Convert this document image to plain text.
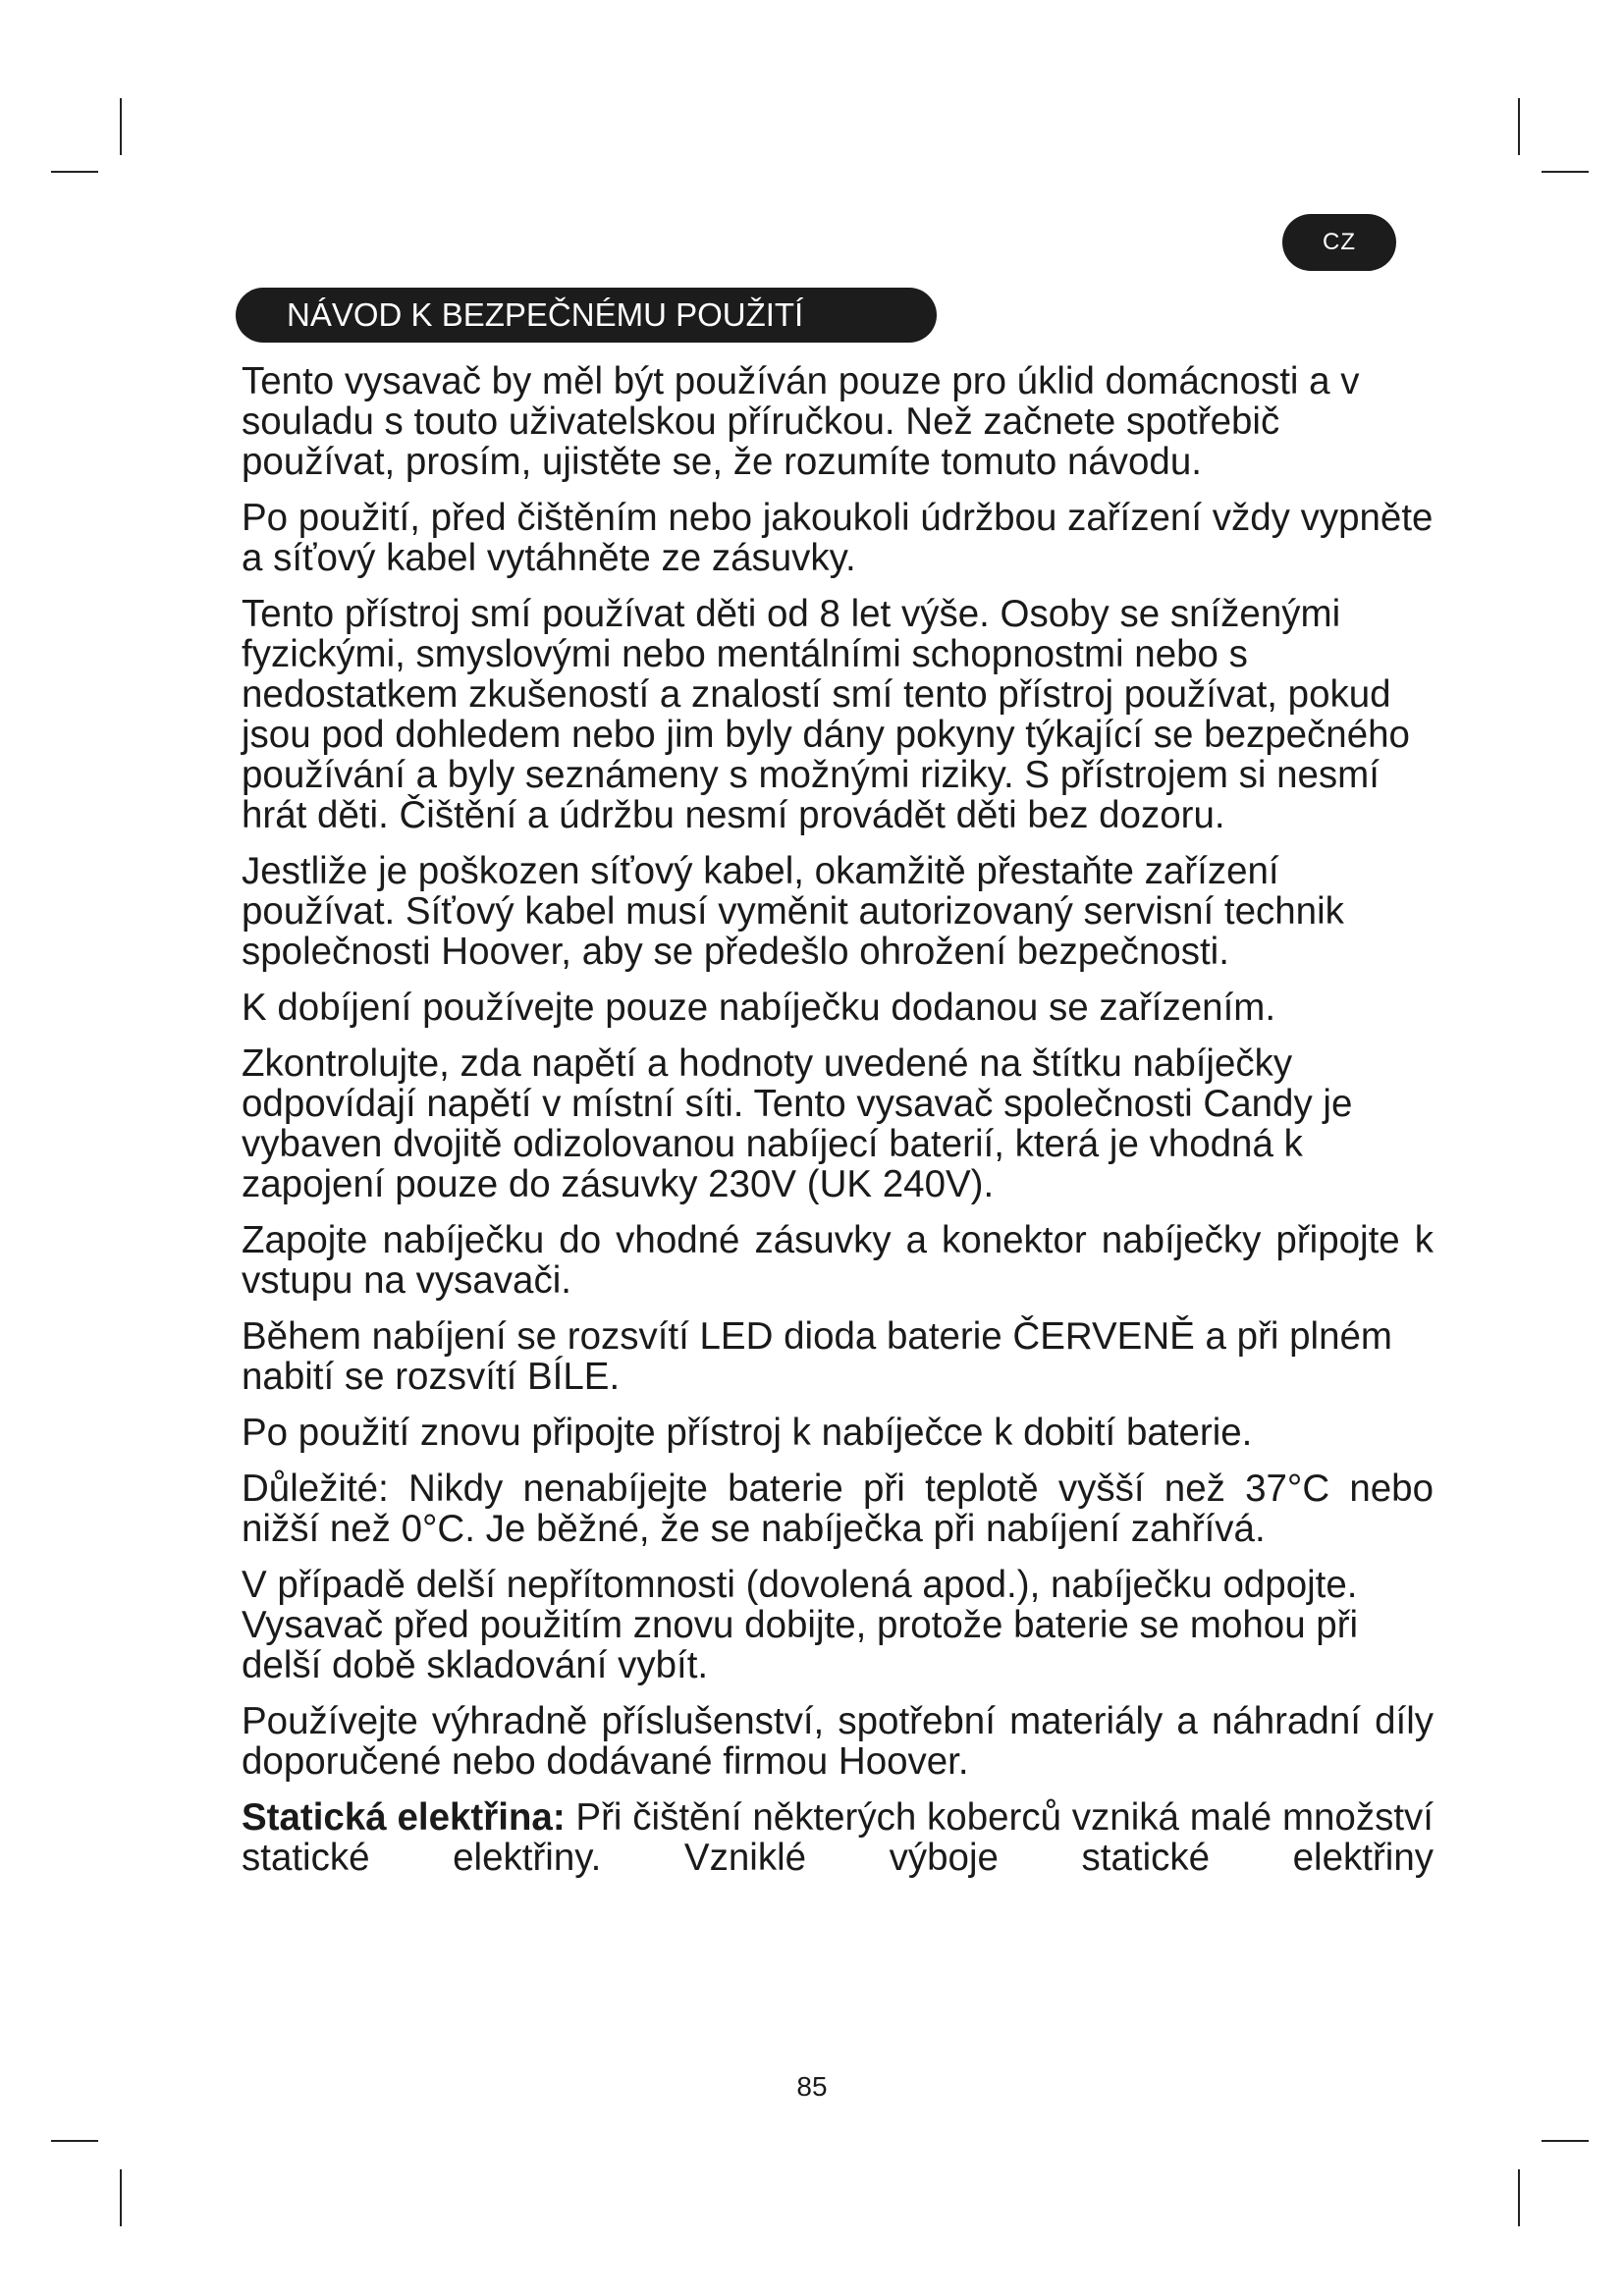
CZ
NÁVOD K BEZPEČNÉMU POUŽITÍ

Tento vysavač by měl být používán pouze pro úklid domácnosti a v souladu s touto uživatelskou příručkou. Než začnete spotřebič používat, prosím, ujistěte se, že rozumíte tomuto návodu.

Po použití, před čištěním nebo jakoukoli údržbou zařízení vždy vypněte a síťový kabel vytáhněte ze zásuvky.

Tento přístroj smí používat děti od 8 let výše. Osoby se sníženými fyzickými, smyslovými nebo mentálními schopnostmi nebo s nedostatkem zkušeností a znalostí smí tento přístroj používat, pokud jsou pod dohledem nebo jim byly dány pokyny týkající se bezpečného používání a byly seznámeny s možnými riziky. S přístrojem si nesmí hrát děti. Čištění a údržbu nesmí provádět děti bez dozoru.

Jestliže je poškozen síťový kabel, okamžitě přestaňte zařízení používat. Síťový kabel musí vyměnit autorizovaný servisní technik společnosti Hoover, aby se předešlo ohrožení bezpečnosti.

K dobíjení používejte pouze nabíječku dodanou se zařízením.

Zkontrolujte, zda napětí a hodnoty uvedené na štítku nabíječky odpovídají napětí v místní síti. Tento vysavač společnosti Candy je vybaven dvojitě odizolovanou nabíjecí baterií, která je vhodná k zapojení pouze do zásuvky 230V (UK 240V).

Zapojte nabíječku do vhodné zásuvky a konektor nabíječky připojte k vstupu na vysavači.

Během nabíjení se rozsvítí LED dioda baterie ČERVENĚ a při plném nabití se rozsvítí BÍLE.

Po použití znovu připojte přístroj k nabíječce k dobití baterie.

Důležité: Nikdy nenabíjejte baterie při teplotě vyšší než 37°C nebo nižší než 0°C. Je běžné, že se nabíječka při nabíjení zahřívá.

V případě delší nepřítomnosti (dovolená apod.), nabíječku odpojte. Vysavač před použitím znovu dobijte, protože baterie se mohou při delší době skladování vybít.

Používejte výhradně příslušenství, spotřební materiály a náhradní díly doporučené nebo dodávané firmou Hoover.

Statická elektřina: Při čištění některých koberců vzniká malé množství statické elektřiny. Vzniklé výboje statické elektřiny

85
